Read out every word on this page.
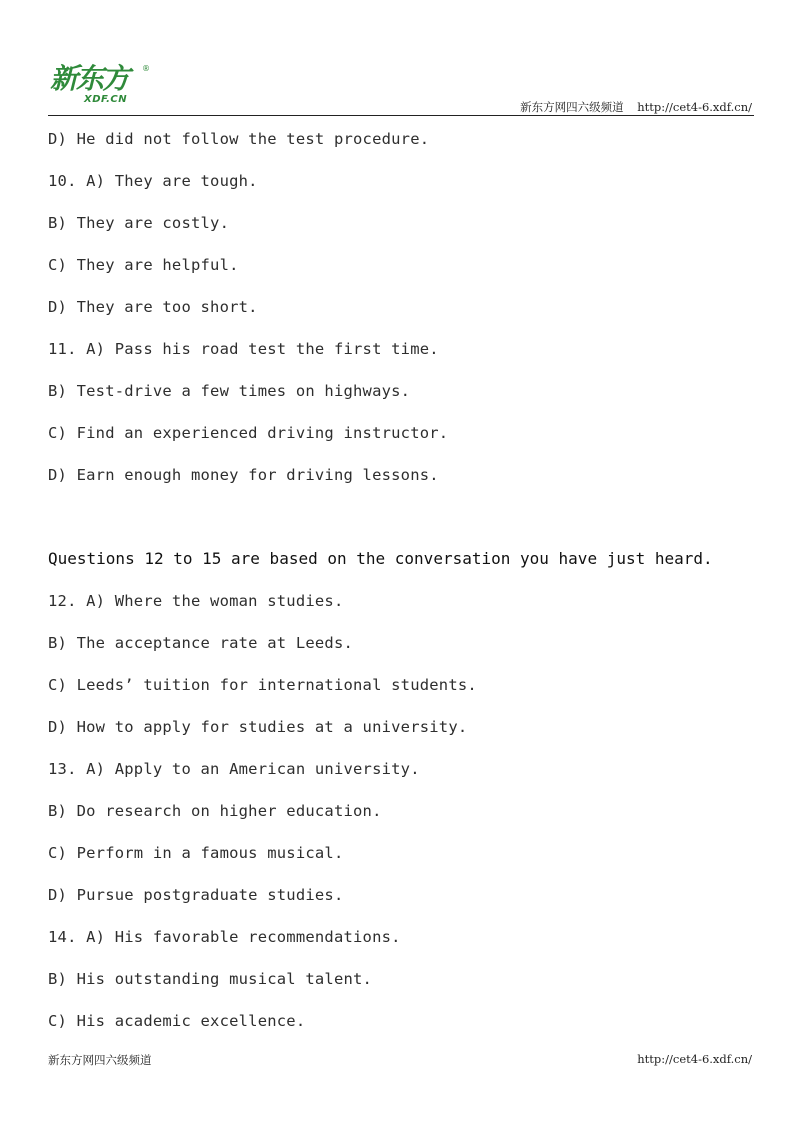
新东方 ®
XDF.CN
新东方网四六级频道 http://cet4-6.xdf.cn/
D) He did not follow the test procedure.
10. A) They are tough.
B) They are costly.
C) They are helpful.
D) They are too short.
11. A) Pass his road test the first time.
B) Test-drive a few times on highways.
C) Find an experienced driving instructor.
D) Earn enough money for driving lessons.
Questions 12 to 15 are based on the conversation you have just heard.
12. A) Where the woman studies.
B) The acceptance rate at Leeds.
C) Leeds’ tuition for international students.
D) How to apply for studies at a university.
13. A) Apply to an American university.
B) Do research on higher education.
C) Perform in a famous musical.
D) Pursue postgraduate studies.
14. A) His favorable recommendations.
B) His outstanding musical talent.
C) His academic excellence.
新东方网四六级频道	http://cet4-6.xdf.cn/
